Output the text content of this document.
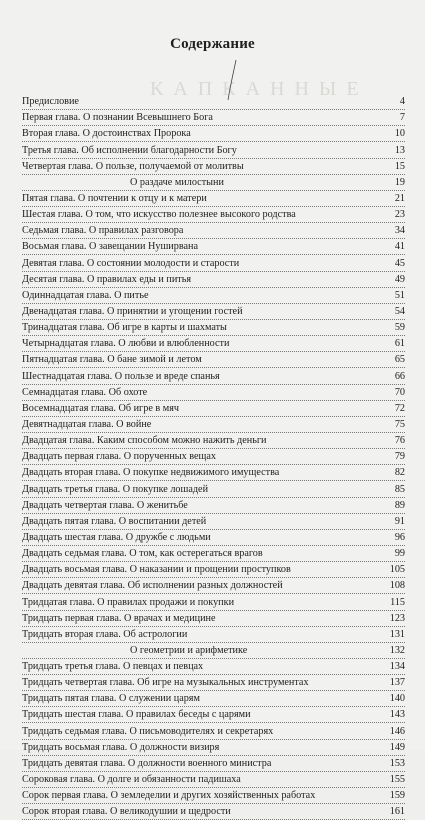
КАПКАННЫЕ
Содержание
Предисловие	4
Первая глава. О познании Всевышнего Бога	7
Вторая глава. О достоинствах Пророка	10
Третья глава. Об исполнении благодарности Богу	13
Четвертая глава. О пользе, получаемой от молитвы	15
О раздаче милостыни	19
Пятая глава. О почтении к отцу и к матери	21
Шестая глава. О том, что искусство полезнее высокого родства	23
Седьмая глава. О правилах разговора	34
Восьмая глава. О завещании Нуширвана	41
Девятая глава. О состоянии молодости и старости	45
Десятая глава. О правилах еды и питья	49
Одиннадцатая глава. О питье	51
Двенадцатая глава. О принятии и угощении гостей	54
Тринадцатая глава. Об игре в карты и шахматы	59
Четырнадцатая глава. О любви и влюбленности	61
Пятнадцатая глава. О бане зимой и летом	65
Шестнадцатая глава. О пользе и вреде спанья	66
Семнадцатая глава. Об охоте	70
Восемнадцатая глава. Об игре в мяч	72
Девятнадцатая глава. О войне	75
Двадцатая глава. Каким способом можно нажить деньги	76
Двадцать первая глава. О порученных вещах	79
Двадцать вторая глава. О покупке недвижимого имущества	82
Двадцать третья глава. О покупке лошадей	85
Двадцать четвертая глава. О женитьбе	89
Двадцать пятая глава. О воспитании детей	91
Двадцать шестая глава. О дружбе с людьми	96
Двадцать седьмая глава. О том, как остерегаться врагов	99
Двадцать восьмая глава. О наказании и прощении проступков	105
Двадцать девятая глава. Об исполнении разных должностей	108
Тридцатая глава. О правилах продажи и покупки	115
Тридцать первая глава. О врачах и медицине	123
Тридцать вторая глава. Об астрологии	131
О геометрии и арифметике	132
Тридцать третья глава. О певцах и певцах	134
Тридцать четвертая глава. Об игре на музыкальных инструментах	137
Тридцать пятая глава. О служении царям	140
Тридцать шестая глава. О правилах беседы с царями	143
Тридцать седьмая глава. О письмоводителях и секретарях	146
Тридцать восьмая глава. О должности визиря	149
Тридцать девятая глава. О должности военного министра	153
Сороковая глава. О долге и обязанности падишаха	155
Сорок первая глава. О земледелии и других хозяйственных работах	159
Сорок вторая глава. О великодушии и щедрости	161
